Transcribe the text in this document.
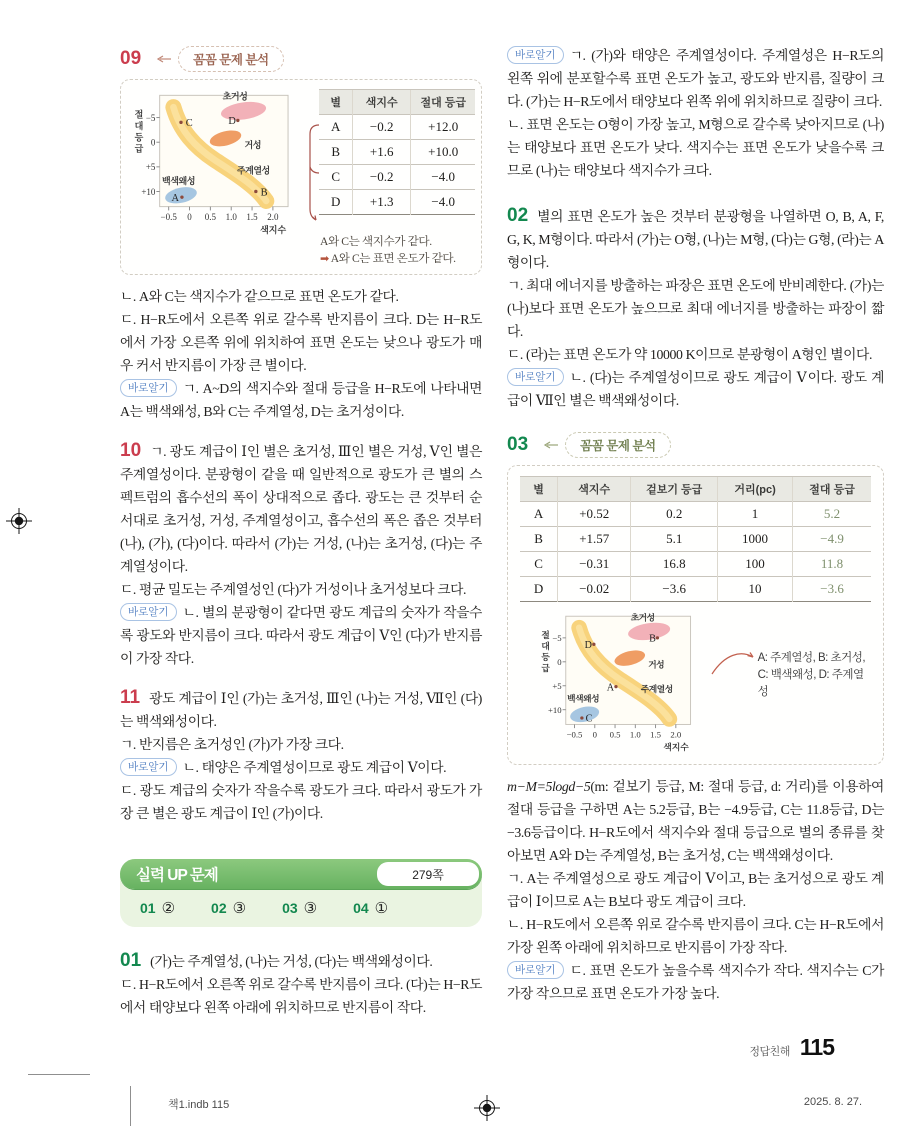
09	꼼꼼 문제 분석
초거성
거성
주계열성
백색왜성
C	D
B
A
절 대 등 급
−5
0
+5
+10
−0.5 0 0.5 1.0 1.5 2.0
색지수
별	색지수	절대 등급
A	−0.2	+12.0
B	+1.6	+10.0
C	−0.2	−4.0
D	+1.3	−4.0
A와 C는 색지수가 같다.
➡ A와 C는 표면 온도가 같다.

ㄴ. A와 C는 색지수가 같으므로 표면 온도가 같다.

ㄷ. H−R도에서 오른쪽 위로 갈수록 반지름이 크다. D는 H−R도에서 가장 오른쪽 위에 위치하여 표면 온도는 낮으나 광도가 매우 커서 반지름이 가장 큰 별이다.

바로알기 ㄱ. A~D의 색지수와 절대 등급을 H−R도에 나타내면 A는 백색왜성, B와 C는 주계열성, D는 초거성이다.

10 ㄱ. 광도 계급이 Ⅰ인 별은 초거성, Ⅲ인 별은 거성, Ⅴ인 별은 주계열성이다. 분광형이 같을 때 일반적으로 광도가 큰 별의 스펙트럼의 흡수선의 폭이 상대적으로 좁다. 광도는 큰 것부터 순서대로 초거성, 거성, 주계열성이고, 흡수선의 폭은 좁은 것부터 (나), (가), (다)이다. 따라서 (가)는 거성, (나)는 초거성, (다)는 주계열성이다.

ㄷ. 평균 밀도는 주계열성인 (다)가 거성이나 초거성보다 크다.

바로알기 ㄴ. 별의 분광형이 같다면 광도 계급의 숫자가 작을수록 광도와 반지름이 크다. 따라서 광도 계급이 Ⅴ인 (다)가 반지름이 가장 작다.

11 광도 계급이 Ⅰ인 (가)는 초거성, Ⅲ인 (나)는 거성, Ⅶ인 (다)는 백색왜성이다.

ㄱ. 반지름은 초거성인 (가)가 가장 크다.

바로알기 ㄴ. 태양은 주계열성이므로 광도 계급이 Ⅴ이다.

ㄷ. 광도 계급의 숫자가 작을수록 광도가 크다. 따라서 광도가 가장 큰 별은 광도 계급이 Ⅰ인 (가)이다.

실력 UP 문제	279쪽
01 ②	02 ③	03 ③	04 ①

01 (가)는 주계열성, (나)는 거성, (다)는 백색왜성이다.

ㄷ. H−R도에서 오른쪽 위로 갈수록 반지름이 크다. (다)는 H−R도에서 태양보다 왼쪽 아래에 위치하므로 반지름이 작다.

바로알기 ㄱ. (가)와 태양은 주계열성이다. 주계열성은 H−R도의 왼쪽 위에 분포할수록 표면 온도가 높고, 광도와 반지름, 질량이 크다. (가)는 H−R도에서 태양보다 왼쪽 위에 위치하므로 질량이 크다.

ㄴ. 표면 온도는 O형이 가장 높고, M형으로 갈수록 낮아지므로 (나)는 태양보다 표면 온도가 낮다. 색지수는 표면 온도가 낮을수록 크므로 (나)는 태양보다 색지수가 크다.

02 별의 표면 온도가 높은 것부터 분광형을 나열하면 O, B, A, F, G, K, M형이다. 따라서 (가)는 O형, (나)는 M형, (다)는 G형, (라)는 A형이다.

ㄱ. 최대 에너지를 방출하는 파장은 표면 온도에 반비례한다. (가)는 (나)보다 표면 온도가 높으므로 최대 에너지를 방출하는 파장이 짧다.

ㄷ. (라)는 표면 온도가 약 10000 K이므로 분광형이 A형인 별이다.

바로알기 ㄴ. (다)는 주계열성이므로 광도 계급이 Ⅴ이다. 광도 계급이 Ⅶ인 별은 백색왜성이다.

03	꼼꼼 문제 분석
별	색지수	겉보기 등급	거리(pc)	절대 등급
A	+0.52	0.2	1	5.2
B	+1.57	5.1	1000	−4.9
C	−0.31	16.8	100	11.8
D	−0.02	−3.6	10	−3.6
초거성
거성
주계열성
백색왜성
D
B
A
C
절 대 등 급
−5
0
+5
+10
−0.5 0 0.5 1.0 1.5 2.0
색지수
A: 주계열성, B: 초거성,
C: 백색왜성, D: 주계열성

m−M=5logd−5(m: 겉보기 등급, M: 절대 등급, d: 거리)를 이용하여 절대 등급을 구하면 A는 5.2등급, B는 −4.9등급, C는 11.8등급, D는 −3.6등급이다. H−R도에서 색지수와 절대 등급으로 별의 종류를 찾아보면 A와 D는 주계열성, B는 초거성, C는 백색왜성이다.

ㄱ. A는 주계열성으로 광도 계급이 Ⅴ이고, B는 초거성으로 광도 계급이 Ⅰ이므로 A는 B보다 광도 계급이 크다.

ㄴ. H−R도에서 오른쪽 위로 갈수록 반지름이 크다. C는 H−R도에서 가장 왼쪽 아래에 위치하므로 반지름이 가장 작다.

바로알기 ㄷ. 표면 온도가 높을수록 색지수가 작다. 색지수는 C가 가장 작으므로 표면 온도가 가장 높다.

정답친해 115
책1.indb 115	2025. 8. 27.
